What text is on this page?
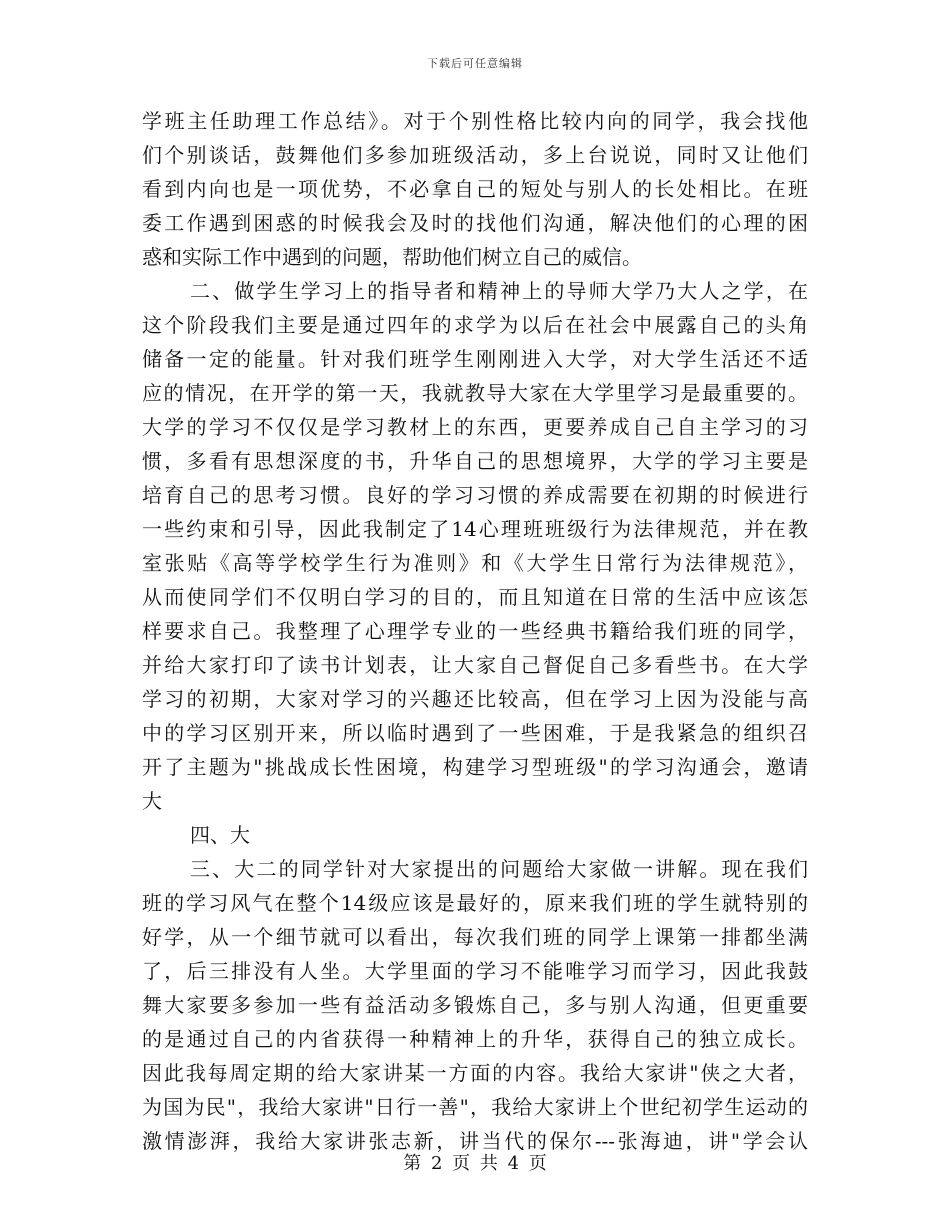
下载后可任意编辑
学班主任助理工作总结》。对于个别性格比较内向的同学，我会找他
们个别谈话，鼓舞他们多参加班级活动，多上台说说，同时又让他们
看到内向也是一项优势，不必拿自己的短处与别人的长处相比。在班
委工作遇到困惑的时候我会及时的找他们沟通，解决他们的心理的困
惑和实际工作中遇到的问题，帮助他们树立自己的威信。
二、做学生学习上的指导者和精神上的导师大学乃大人之学，在
这个阶段我们主要是通过四年的求学为以后在社会中展露自己的头角
储备一定的能量。针对我们班学生刚刚进入大学，对大学生活还不适
应的情况，在开学的第一天，我就教导大家在大学里学习是最重要的。
大学的学习不仅仅是学习教材上的东西，更要养成自己自主学习的习
惯，多看有思想深度的书，升华自己的思想境界，大学的学习主要是
培育自己的思考习惯。良好的学习习惯的养成需要在初期的时候进行
一些约束和引导，因此我制定了14心理班班级行为法律规范，并在教
室张贴《高等学校学生行为准则》和《大学生日常行为法律规范》，
从而使同学们不仅明白学习的目的，而且知道在日常的生活中应该怎
样要求自己。我整理了心理学专业的一些经典书籍给我们班的同学，
并给大家打印了读书计划表，让大家自己督促自己多看些书。在大学
学习的初期，大家对学习的兴趣还比较高，但在学习上因为没能与高
中的学习区别开来，所以临时遇到了一些困难，于是我紧急的组织召
开了主题为"挑战成长性困境，构建学习型班级"的学习沟通会，邀请
大
四、大
三、大二的同学针对大家提出的问题给大家做一讲解。现在我们
班的学习风气在整个14级应该是最好的，原来我们班的学生就特别的
好学，从一个细节就可以看出，每次我们班的同学上课第一排都坐满
了，后三排没有人坐。大学里面的学习不能唯学习而学习，因此我鼓
舞大家要多参加一些有益活动多锻炼自己，多与别人沟通，但更重要
的是通过自己的内省获得一种精神上的升华，获得自己的独立成长。
因此我每周定期的给大家讲某一方面的内容。我给大家讲"侠之大者，
为国为民"，我给大家讲"日行一善"，我给大家讲上个世纪初学生运动的
激情澎湃，我给大家讲张志新，讲当代的保尔---张海迪，讲"学会认
第 2 页 共 4 页
